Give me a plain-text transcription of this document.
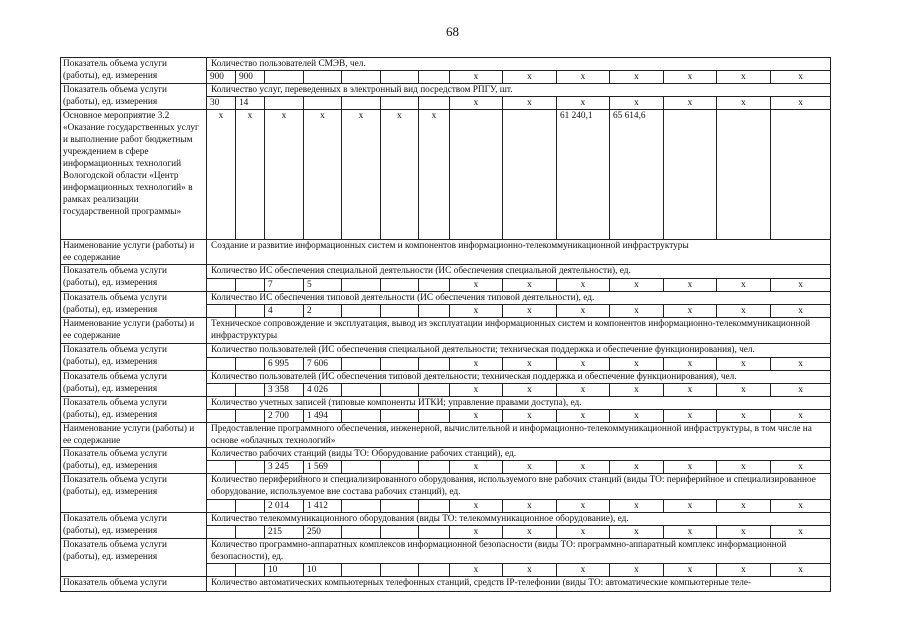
68
Показатель объема услуги (работы), ед. измерения	Количество пользователей СМЭВ, чел.													
	900	900						x	x	x	x	x	x	x
Показатель объема услуги (работы), ед. измерения	Количество услуг, переведенных в электронный вид посредством РПГУ, шт.													
	30	14						x	x	x	x	x	x	x
Основное мероприятие 3.2 «Оказание государственных услуг и выполнение работ бюджетным учреждением в сфере информационных технологий Вологодской области «Центр информационных технологий» в рамках реализации государственной программы»	x	x	x	x	x	x	x			61 240,1	65 614,6			
Наименование услуги (работы) и ее содержание	Создание и развитие информационных систем и компонентов информационно-телекоммуникационной инфраструктуры													
Показатель объема услуги (работы), ед. измерения	Количество ИС обеспечения специальной деятельности (ИС обеспечения специальной деятельности), ед.													
			7	5				x	x	x	x	x	x	x
Показатель объема услуги (работы), ед. измерения	Количество ИС обеспечения типовой деятельности (ИС обеспечения типовой деятельности), ед.													
			4	2				x	x	x	x	x	x	x
Наименование услуги (работы) и ее содержание	Техническое сопровождение и эксплуатация, вывод из эксплуатации информационных систем и компонентов информационно-телекоммуникационной инфраструктуры													
Показатель объема услуги (работы), ед. измерения	Количество пользователей (ИС обеспечения специальной деятельности; техническая поддержка и обеспечение функционирования), чел.													
			6 995	7 606				x	x	x	x	x	x	x
Показатель объема услуги (работы), ед. измерения	Количество пользователей (ИС обеспечения типовой деятельности; техническая поддержка и обеспечение функционирования), чел.													
			3 358	4 026				x	x	x	x	x	x	x
Показатель объема услуги (работы), ед. измерения	Количество учетных записей (типовые компоненты ИТКИ; управление правами доступа), ед.													
			2 700	1 494				x	x	x	x	x	x	x
Наименование услуги (работы) и ее содержание	Предоставление программного обеспечения, инженерной, вычислительной и информационно-телекоммуникационной инфраструктуры, в том числе на основе «облачных технологий»													
Показатель объема услуги (работы), ед. измерения	Количество рабочих станций (виды ТО: Оборудование рабочих станций), ед.													
			3 245	1 569				x	x	x	x	x	x	x
Показатель объема услуги (работы), ед. измерения	Количество периферийного и специализированного оборудования, используемого вне рабочих станций (виды ТО: периферийное и специализированное оборудование, используемое вне состава рабочих станций), ед.													
			2 014	1 412				x	x	x	x	x	x	x
Показатель объема услуги (работы), ед. измерения	Количество телекоммуникационного оборудования (виды ТО: телекоммуникационное оборудование), ед.													
			215	250				x	x	x	x	x	x	x
Показатель объема услуги (работы), ед. измерения	Количество программно-аппаратных комплексов информационной безопасности (виды ТО: программно-аппаратный комплекс информационной безопасности), ед.													
			10	10				x	x	x	x	x	x	x
Показатель объема услуги	Количество автоматических компьютерных телефонных станций, средств IP-телефонии (виды ТО: автоматические компьютерные теле-													
